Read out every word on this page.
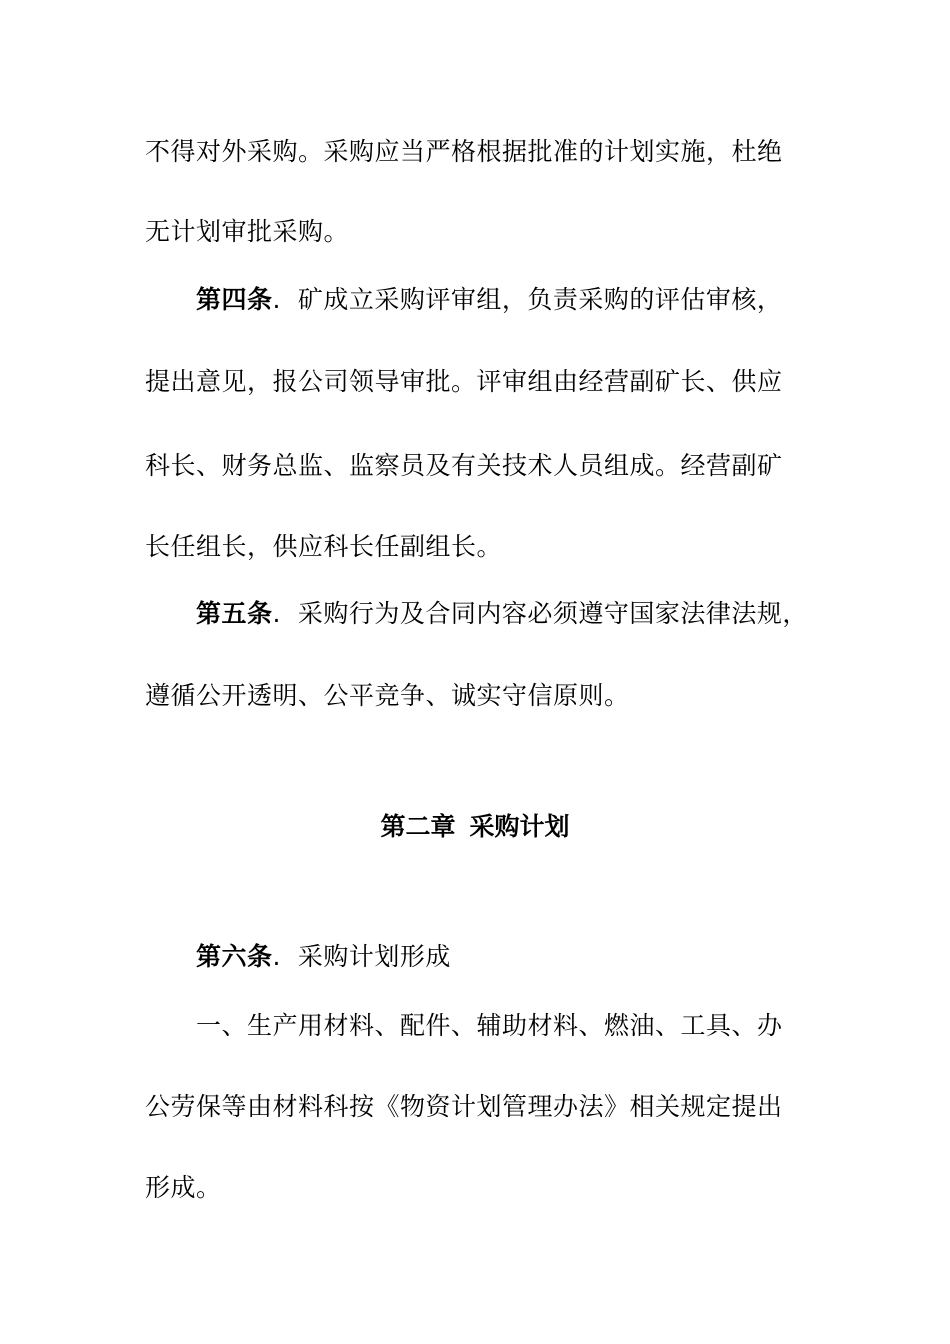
不得对外采购。采购应当严格根据批准的计划实施，杜绝
无计划审批采购。
第四条. 矿成立采购评审组，负责采购的评估审核，
提出意见，报公司领导审批。评审组由经营副矿长、供应
科长、财务总监、监察员及有关技术人员组成。经营副矿
长任组长，供应科长任副组长。
第五条. 采购行为及合同内容必须遵守国家法律法规，
遵循公开透明、公平竞争、诚实守信原则。
第二章 采购计划
第六条. 采购计划形成
一、生产用材料、配件、辅助材料、燃油、工具、办
公劳保等由材料科按《物资计划管理办法》相关规定提出
形成。
